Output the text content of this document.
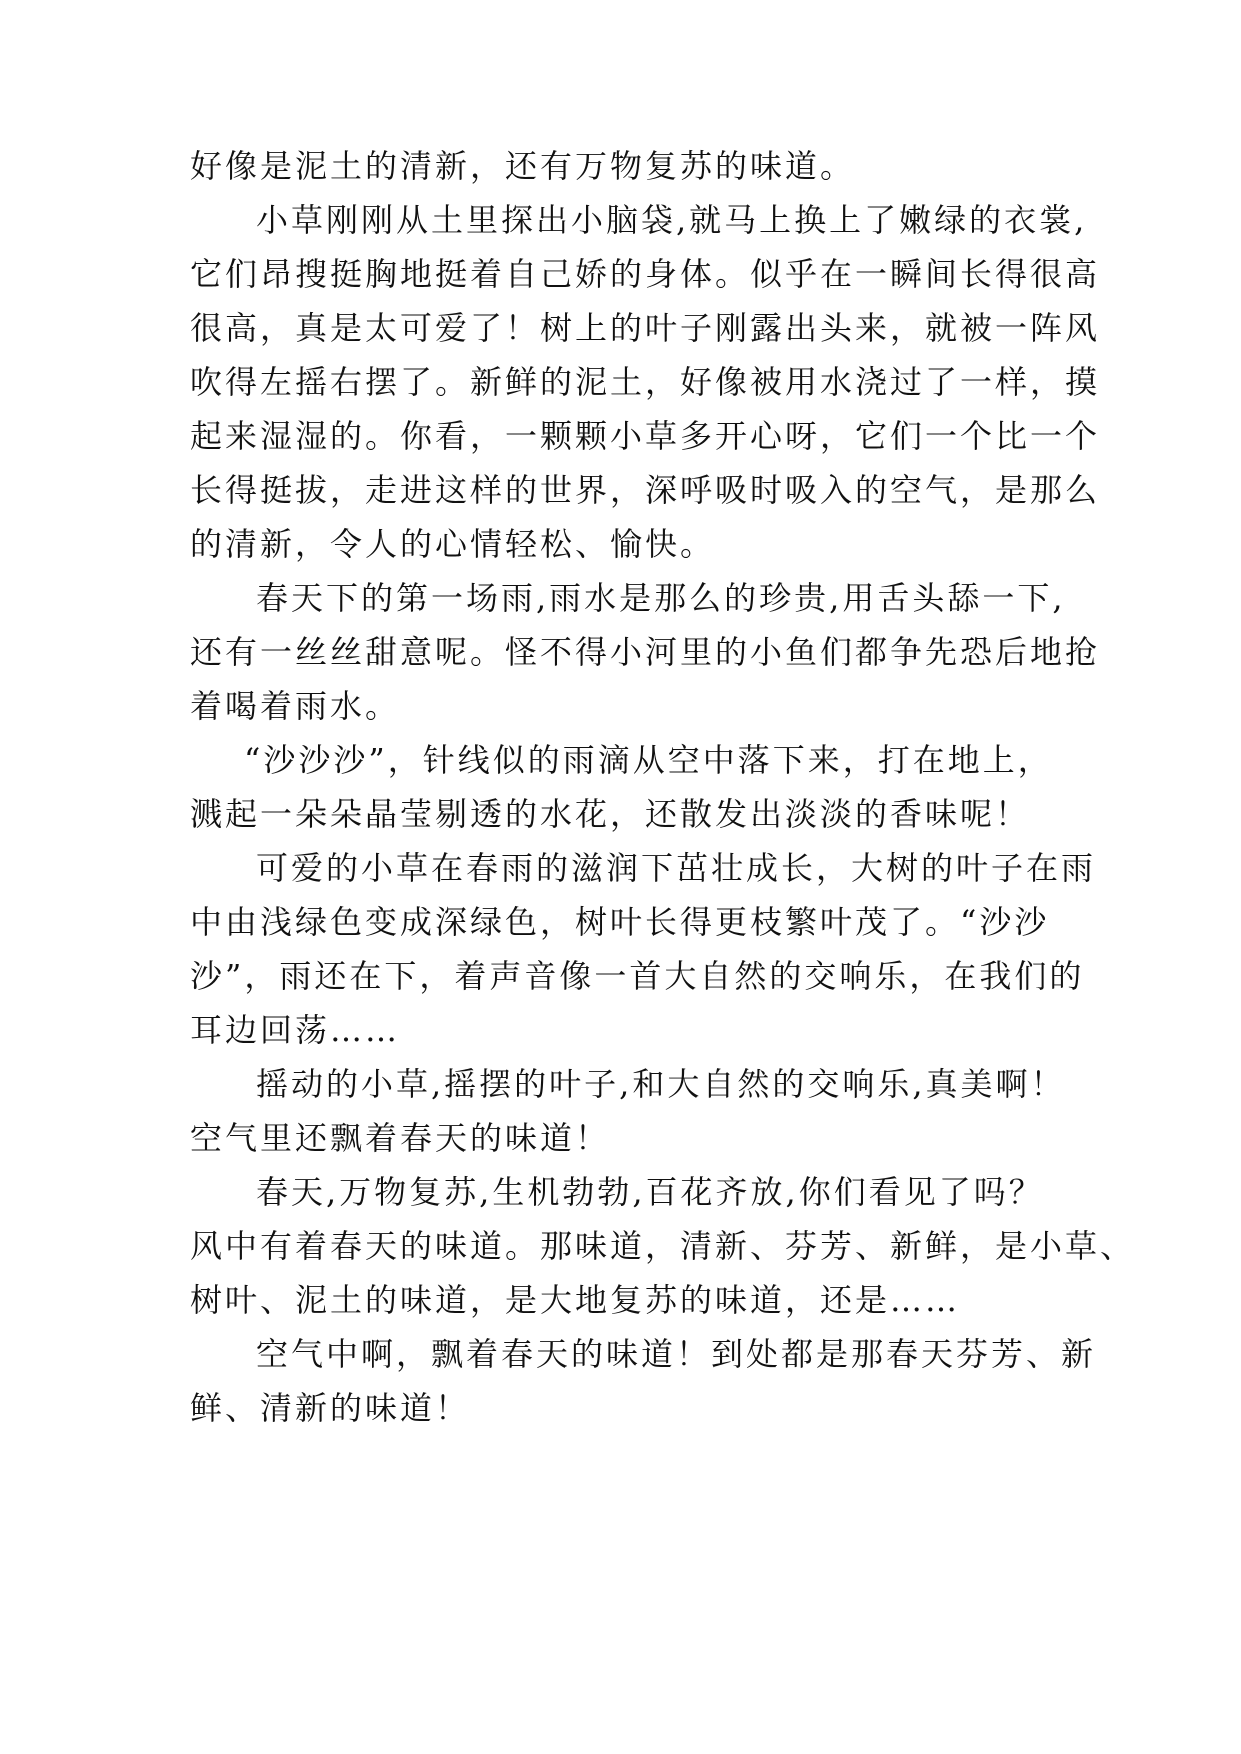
好像是泥土的清新，还有万物复苏的味道。
小草刚刚从土里探出小脑袋,就马上换上了嫩绿的衣裳,
它们昂搜挺胸地挺着自己娇的身体。似乎在一瞬间长得很高
很高，真是太可爱了！树上的叶子刚露出头来，就被一阵风
吹得左摇右摆了。新鲜的泥土，好像被用水浇过了一样，摸
起来湿湿的。你看，一颗颗小草多开心呀，它们一个比一个
长得挺拔，走进这样的世界，深呼吸时吸入的空气，是那么
的清新，令人的心情轻松、愉快。
春天下的第一场雨,雨水是那么的珍贵,用舌头舔一下,
还有一丝丝甜意呢。怪不得小河里的小鱼们都争先恐后地抢
着喝着雨水。
“沙沙沙”，针线似的雨滴从空中落下来，打在地上，
溅起一朵朵晶莹剔透的水花，还散发出淡淡的香味呢！
可爱的小草在春雨的滋润下茁壮成长，大树的叶子在雨
中由浅绿色变成深绿色，树叶长得更枝繁叶茂了。“沙沙
沙”，雨还在下，着声音像一首大自然的交响乐，在我们的
耳边回荡……
摇动的小草,摇摆的叶子,和大自然的交响乐,真美啊！
空气里还飘着春天的味道！
春天,万物复苏,生机勃勃,百花齐放,你们看见了吗？
风中有着春天的味道。那味道，清新、芬芳、新鲜，是小草、
树叶、泥土的味道，是大地复苏的味道，还是……
空气中啊，飘着春天的味道！到处都是那春天芬芳、新
鲜、清新的味道！
